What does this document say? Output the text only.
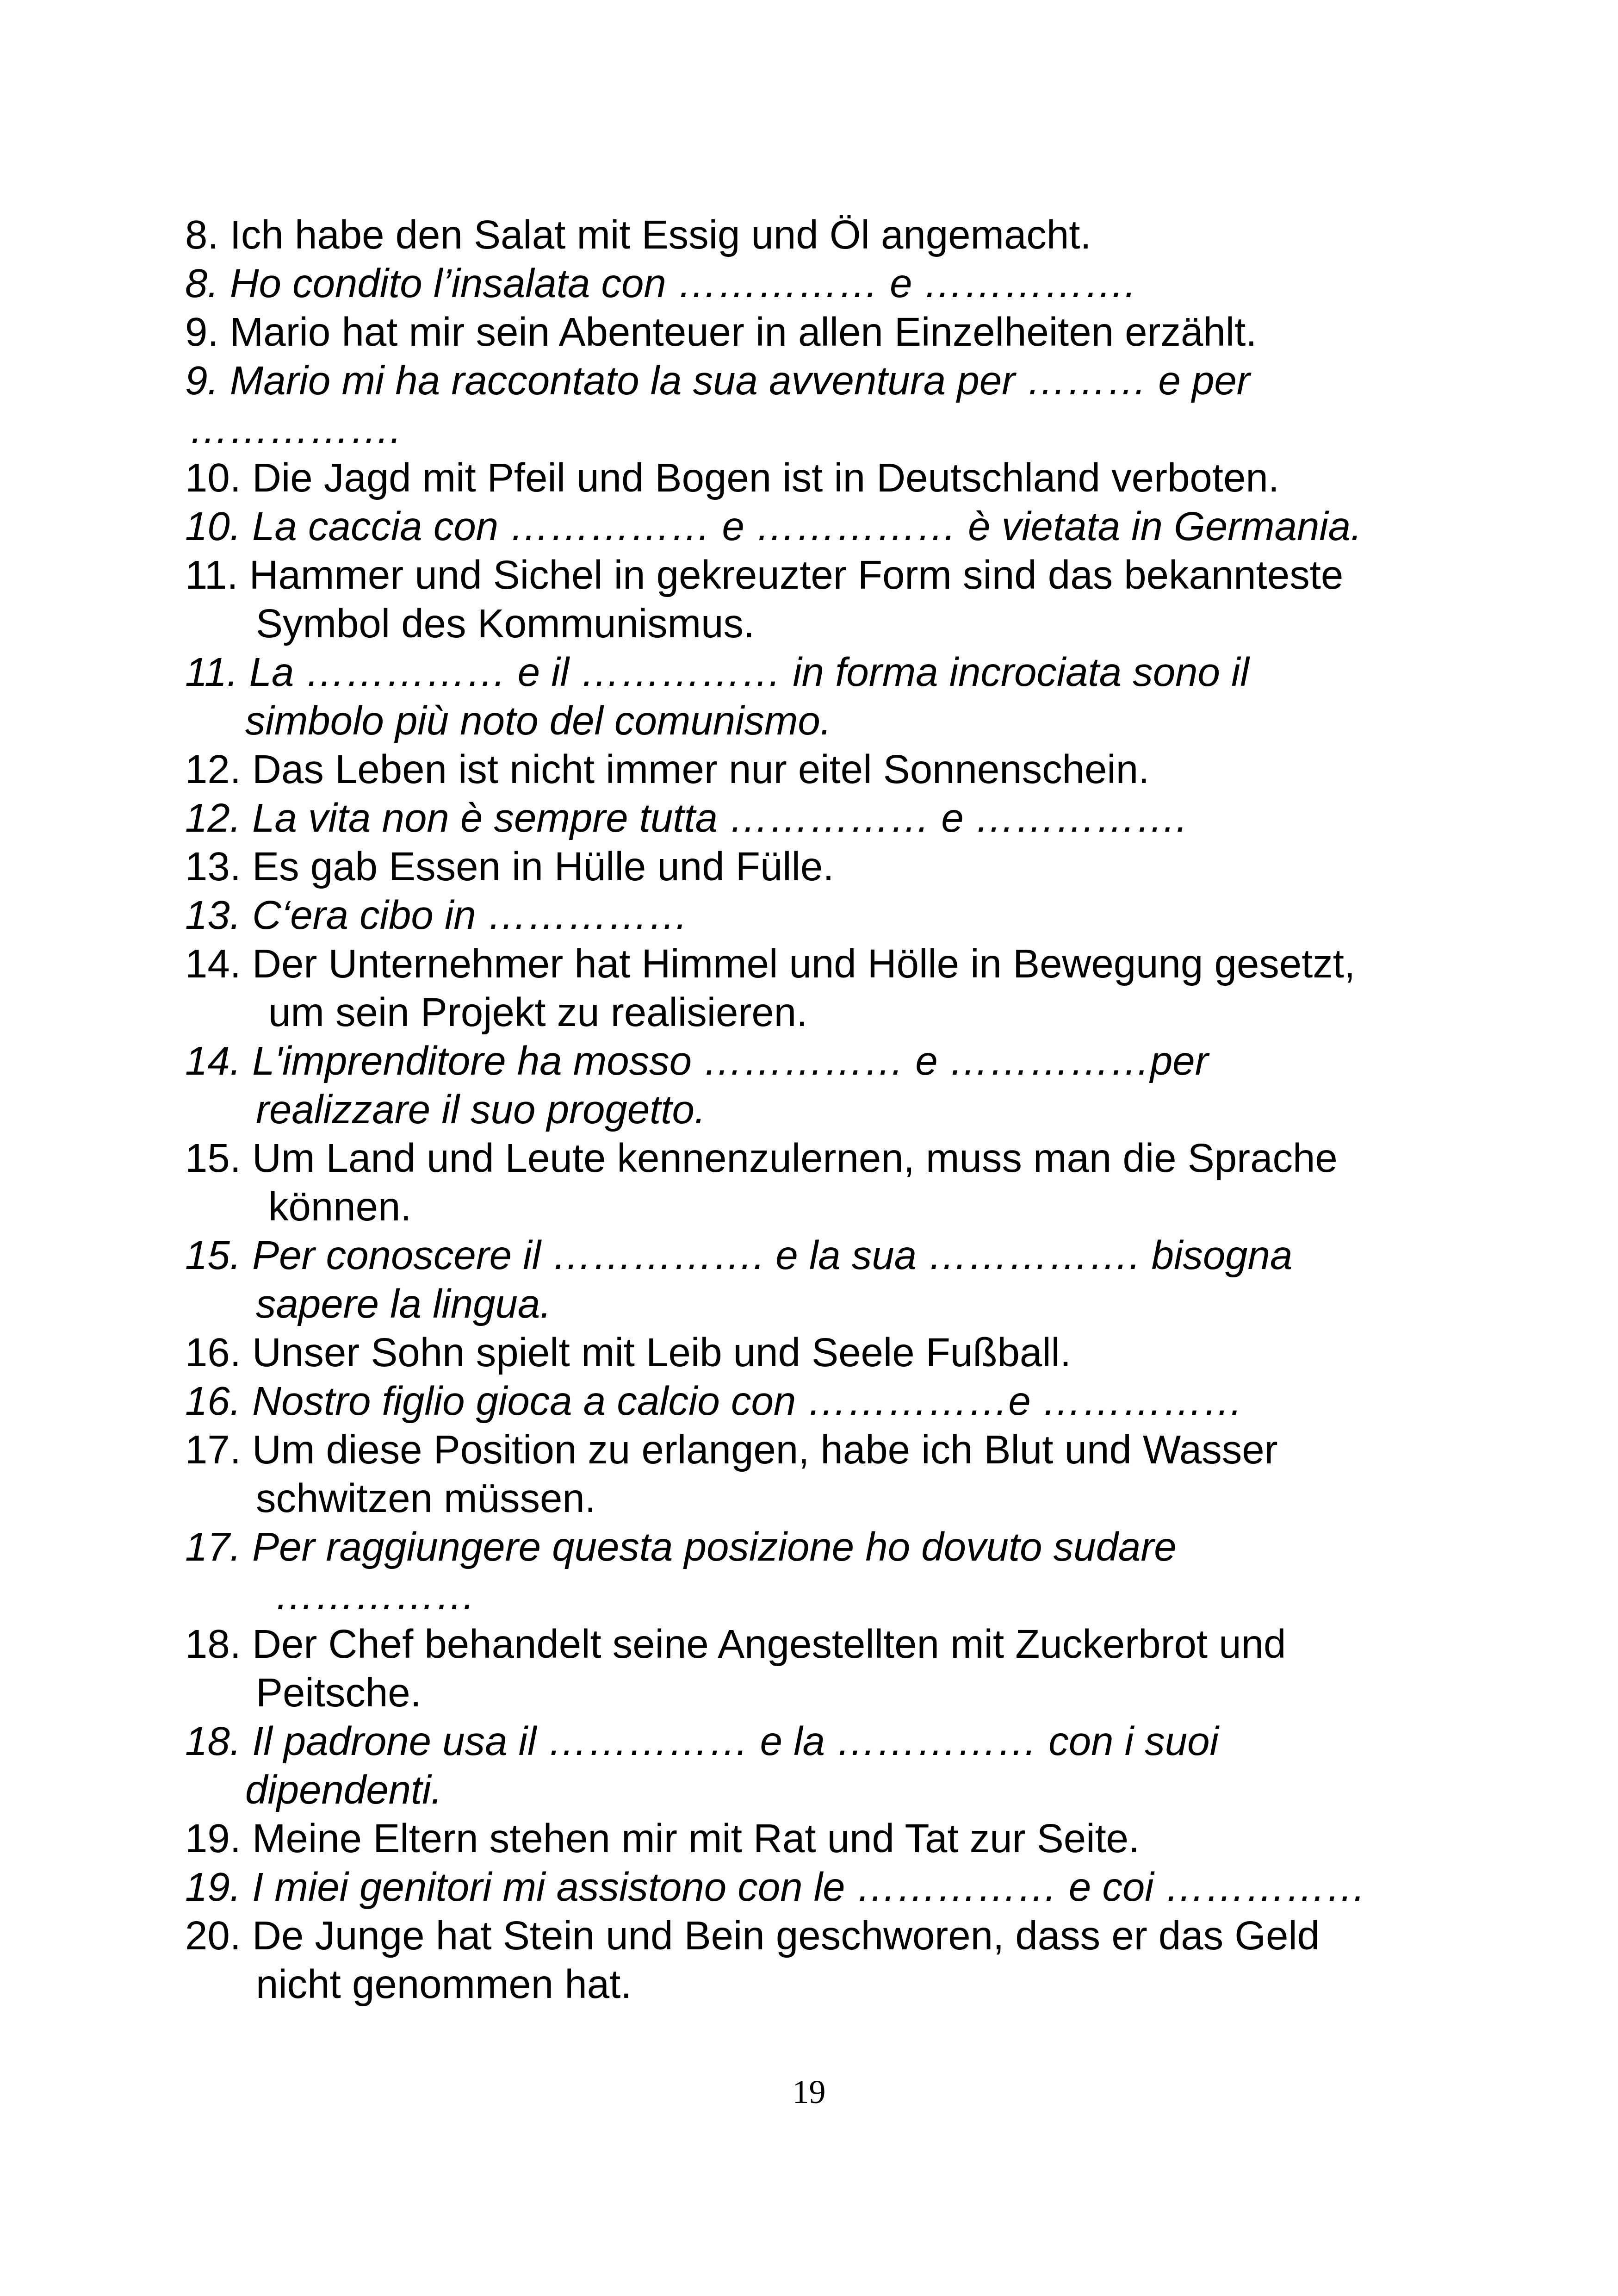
8. Ich habe den Salat mit Essig und Öl angemacht.
8. Ho condito l’insalata con …………… e …………….
9. Mario hat mir sein Abenteuer in allen Einzelheiten erzählt.
9. Mario mi ha raccontato la sua avventura per ……… e per
…………….
10. Die Jagd mit Pfeil und Bogen ist in Deutschland verboten.
10. La caccia con …………… e …………… è vietata in Germania.
11. Hammer und Sichel in gekreuzter Form sind das bekannteste
Symbol des Kommunismus.
11. La …………… e il …………… in forma incrociata sono il
simbolo più noto del comunismo.
12. Das Leben ist nicht immer nur eitel Sonnenschein.
12. La vita non è sempre tutta …………… e …………….
13. Es gab Essen in Hülle und Fülle.
13. C‘era cibo in ……………
14. Der Unternehmer hat Himmel und Hölle in Bewegung gesetzt,
um sein Projekt zu realisieren.
14. L'imprenditore ha mosso …………… e ……………per
realizzare il suo progetto.
15. Um Land und Leute kennenzulernen, muss man die Sprache
können.
15. Per conoscere il ……………. e la sua ……………. bisogna
sapere la lingua.
16. Unser Sohn spielt mit Leib und Seele Fußball.
16. Nostro figlio gioca a calcio con ……………e ……………
17. Um diese Position zu erlangen, habe ich Blut und Wasser
schwitzen müssen.
17. Per raggiungere questa posizione ho dovuto sudare
……………
18. Der Chef behandelt seine Angestellten mit Zuckerbrot und
Peitsche.
18. Il padrone usa il …………… e la …………… con i suoi
dipendenti.
19. Meine Eltern stehen mir mit Rat und Tat zur Seite.
19. I miei genitori mi assistono con le …………… e coi ……………
20. De Junge hat Stein und Bein geschworen, dass er das Geld
nicht genommen hat.
19
